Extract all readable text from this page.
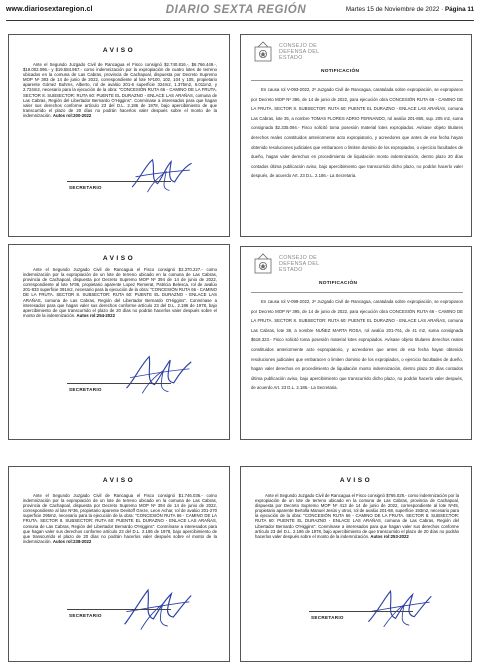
www.diariosextaregion.cl	DIARIO SEXTA REGIÓN	Martes 15 de Noviembre de 2022 · Página 11
AVISO

Ante el Segundo Juzgado Civil de Rancagua el Fisco consignó $2.740.816.-, $6.766.449.-, $19.002.096.- y $19.584.957.- como indemnización por la expropiación de cuatro lotes de terreno ubicados en la comuna de Las Cabras, provincia de Cachapoal, dispuesta por Decreto Supremo MOP Nº 393 de 14 de junio de 2022, correspondiente al lote Nº100, 102, 104 y 105, propietario aparente Gómez Buhrns, Alberto, rol de avalúo 201-6 superficie 324m2, 1.375m2, 6.011m2, y 2.724m2, necesario para la ejecución de la obra: "CONCESIÓN RUTA 66 - CAMINO DE LA FRUTA. SECTOR 8. SUBSECTOR: RUTA 60: PUENTE EL DURAZNO - ENLACE LAS ARAÑAS, comuna de Las Cabras, Región del Libertador Bernardo O'Higgins". Conmínase a interesados para que hagan valer sus derechos conforme artículo 23 del D.L. 2.186 de 1978, bajo apercibimiento de que transcurrido el plazo de 20 días no podrán hacerlos valer después sobre el monto de la indemnización. Autos rol:200-2022

SECRETARIO
CONSEJO DE
DEFENSA DEL
ESTADO
NOTIFICACIÓN

En causa rol V-093-2022, 2º Juzgado Civil de Rancagua, caratulada sobre expropiación, se expropiaron por Decreto MOP Nº 396, de 14 de junio de 2022, para ejecución obra CONCESIÓN RUTA 66 - CAMINO DE LA FRUTA. SECTOR 8. SUBSECTOR: RUTA 60: PUENTE EL DURAZNO - ENLACE LAS ARAÑAS, comuna Las Cabras, lote 35, a nombre TOMAS FLORES ADRIO FERNANDO, rol avalúo 201-865, sup. 205 m2, suma consignada $2.335.094.- Fisco solicitó toma posesión material lotes expropiados. Avísase objeto titulares derechos reales constituidos anteriormente acto expropiatorio, y acreedores que antes de ese fecha hayan obtenido resoluciones judiciales que embaracen o limiten dominio de los expropiados, o ejercicio facultades de dueño, hagan valer derechos en procedimiento de liquidación monto indemnización, dentro plazo 20 días contados última publicación aviso, bajo apercibimiento que transcurrido dicho plazo, no podrán hacerlo valer después, de acuerdo Art. 23 D.L. 2.186.- La Secretaria.

AVISO

Ante el Segundo Juzgado Civil de Rancagua el Fisco consignó $2.370.227.- como indemnización por la expropiación de un lote de terreno ubicado en la comuna de Las Cabras, provincia de Cachapoal, dispuesta por Decreto Supremo MOP Nº 394 de 14 de junio de 2022, correspondiente al lote Nº36, propietario aparente Lopez Remerat, Patricia Belesca, rol de avalúo 201-833 superficie 391m2, necesario para la ejecución de la obra: "CONCESIÓN RUTA 66 - CAMINO DE LA FRUTA. SECTOR 8. SUBSECTOR: RUTA 60: PUENTE EL DURAZNO - ENLACE LAS ARAÑAS, comuna de Las Cabras, Región del Libertador Bernardo O'Higgins". Conmínase a interesados para que hagan valer sus derechos conforme artículo 23 del D.L. 2.186 de 1978, bajo apercibimiento de que transcurrido el plazo de 20 días no podrán hacerlos valer después sobre el monto de la indemnización. Autos rol:254-2022

SECRETARIO
CONSEJO DE
DEFENSA DEL
ESTADO
NOTIFICACIÓN

En causa rol V-099-2022, 2º Juzgado Civil de Rancagua, caratulada sobre expropiación, se expropiaron por Decreto MOP Nº 395, de 14 de junio de 2022, para ejecución obra CONCESIÓN RUTA 66 - CAMINO DE LA FRUTA. SECTOR 8. SUBSECTOR: RUTA 60: PUENTE EL DURAZNO - ENLACE LAS ARAÑAS, comuna Las Cabras, lote 38, a nombre NUÑEZ MARTA ROSA, rol avalúo 201-761, de 41 m2, suma consignada $618.323.- Fisco solicitó toma posesión material lotes expropiados. Avísase objeto titulares derechos reales constituidos anteriormente acto expropiatorio, y acreedores que antes de esa fecha hayan obtenido resoluciones judiciales que embaracen o limiten dominio de los expropiados, o ejercicio facultades de dueño, hagan valer derechos en procedimiento de liquidación monto indemnización, dentro plazo 20 días contados última publicación aviso, bajo apercibimiento que transcurrido dicho plazo, no podrán hacerlo valer después, de acuerdo Art. 23 D.L. 2.186.- La Secretaria.

AVISO

Ante el Segundo Juzgado Civil de Rancagua el Fisco consignó $1.746.036.- como indemnización por la expropiación de un lote de terreno ubicado en la comuna de Las Cabras, provincia de Cachapoal, dispuesta por Decreto Supremo MOP Nº 394 de 14 de junio de 2022, correspondiente al lote Nº36, propietario aparente Devitoff Greze, Leon Achar, rol de avalúo 201-270 superficie 295m2, necesario para la ejecución de la obra: "CONCESIÓN RUTA 66 - CAMINO DE LA FRUTA. SECTOR 8. SUBSECTOR: RUTA 60: PUENTE EL DURAZNO - ENLACE LAS ARAÑAS, comuna de Las Cabras, Región del Libertador Bernardo O'Higgins". Conmínase a interesados para que hagan valer sus derechos conforme artículo 23 del D.L. 2.186 de 1978, bajo apercibimiento de que transcurrido el plazo de 20 días no podrán hacerlos valer después sobre el monto de la indemnización. Autos rol:238-2022

SECRETARIO
AVISO

Ante el Segundo Juzgado Civil de Rancagua el Fisco consignó $766.028.- como indemnización por la expropiación de un lote de terreno ubicado en la comuna de Las Cabras, provincia de Cachapoal, dispuesta por Decreto Supremo MOP Nº 413 de 14 de junio de 2022, correspondiente al lote Nº45, propietario aparente Bertolla Manuel Jesús y otros, rol de avalúo 201-68, superficie 193m2, necesario para la ejecución de la obra: "CONCESIÓN RUTA 66 - CAMINO DE LA FRUTA. SECTOR 8. SUBSECTOR: RUTA 60: PUENTE EL DURAZNO - ENLACE LAS ARAÑAS, comuna de Las Cabras, Región del Libertador Bernardo O'Higgins". Conmínase a interesados para que hagan valer sus derechos conforme artículo 23 del D.L. 2.186 de 1978, bajo apercibimiento de que transcurrido el plazo de 20 días no podrán hacerlos valer después sobre el monto de la indemnización. Autos rol:253-2022

SECRETARIO
